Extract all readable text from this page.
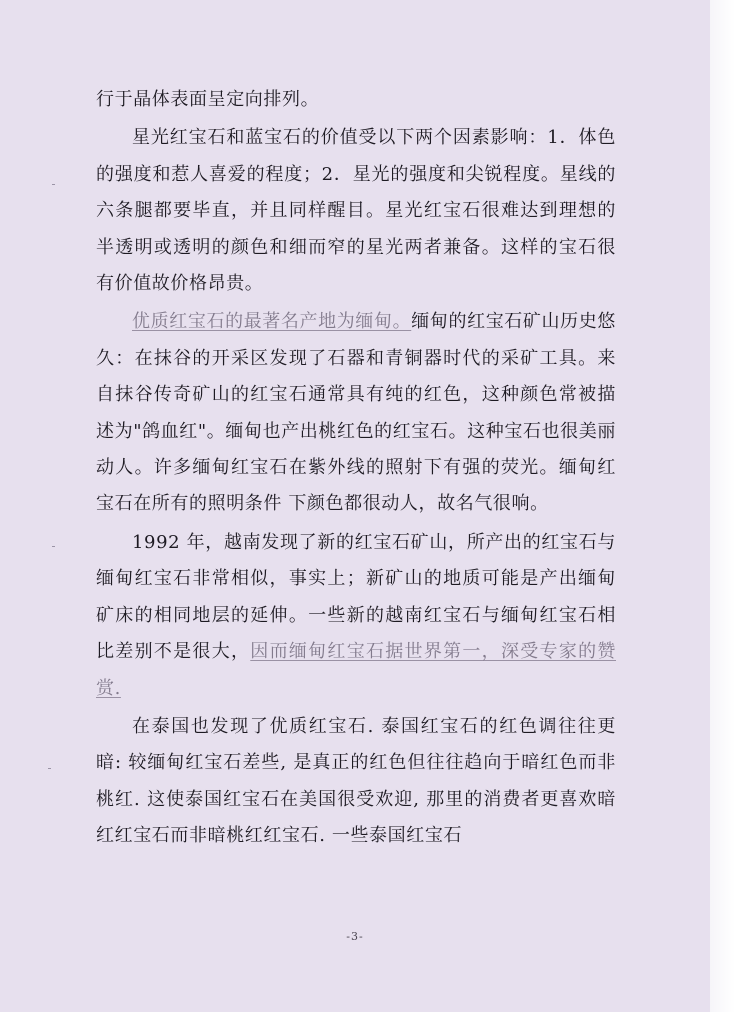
行于晶体表面呈定向排列。

星光红宝石和蓝宝石的价值受以下两个因素影响：1．体色的强度和惹人喜爱的程度；2．星光的强度和尖锐程度。星线的六条腿都要毕直，并且同样醒目。星光红宝石很难达到理想的半透明或透明的颜色和细而窄的星光两者兼备。这样的宝石很有价值故价格昂贵。

优质红宝石的最著名产地为缅甸。缅甸的红宝石矿山历史悠久：在抹谷的开采区发现了石器和青铜器时代的采矿工具。来自抹谷传奇矿山的红宝石通常具有纯的红色，这种颜色常被描述为"鸽血红"。缅甸也产出桃红色的红宝石。这种宝石也很美丽动人。许多缅甸红宝石在紫外线的照射下有强的荧光。缅甸红宝石在所有的照明条件 下颜色都很动人，故名气很响。

1992 年，越南发现了新的红宝石矿山，所产出的红宝石与缅甸红宝石非常相似，事实上；新矿山的地质可能是产出缅甸矿床的相同地层的延伸。一些新的越南红宝石与缅甸红宝石相比差别不是很大，因而缅甸红宝石据世界第一，深受专家的赞赏.

在泰国也发现了优质红宝石. 泰国红宝石的红色调往往更暗: 较缅甸红宝石差些, 是真正的红色但往往趋向于暗红色而非桃红. 这使泰国红宝石在美国很受欢迎, 那里的消费者更喜欢暗红红宝石而非暗桃红红宝石. 一些泰国红宝石

-3-
